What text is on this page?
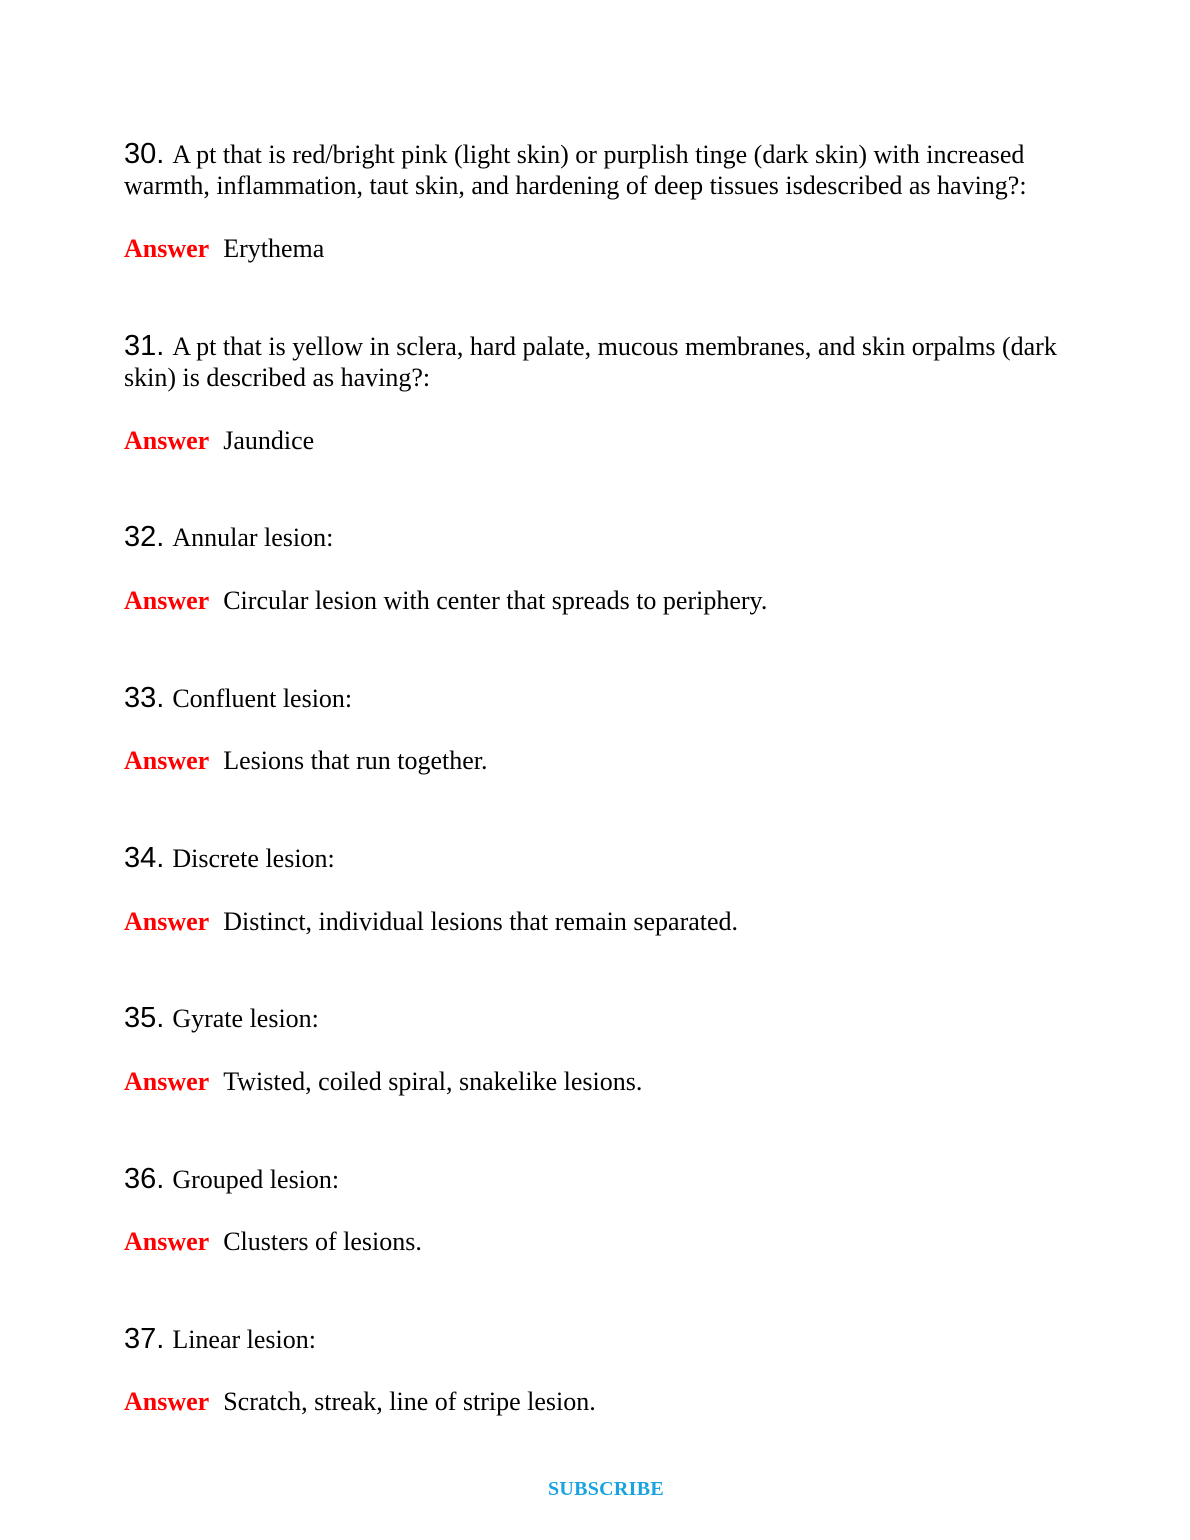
30. A pt that is red/bright pink (light skin) or purplish tinge (dark skin) with increased warmth, inflammation, taut skin, and hardening of deep tissues isdescribed as having?:

Answer Erythema

31. A pt that is yellow in sclera, hard palate, mucous membranes, and skin orpalms (dark skin) is described as having?:

Answer Jaundice

32. Annular lesion:

Answer Circular lesion with center that spreads to periphery.

33. Confluent lesion:

Answer Lesions that run together.

34. Discrete lesion:

Answer Distinct, individual lesions that remain separated.

35. Gyrate lesion:

Answer Twisted, coiled spiral, snakelike lesions.

36. Grouped lesion:

Answer Clusters of lesions.

37. Linear lesion:

Answer Scratch, streak, line of stripe lesion.

SUBSCRIBE
